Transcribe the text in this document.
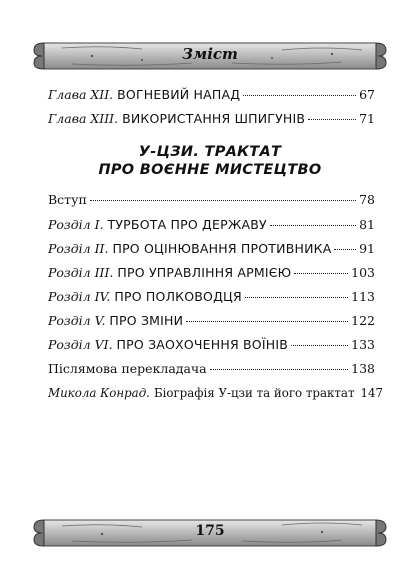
Зміст
Глава XII. ВОГНЕВИЙ НАПАД	67
Глава XIII. ВИКОРИСТАННЯ ШПИГУНІВ	71
У-ЦЗИ. ТРАКТАТ
ПРО ВОЄННЕ МИСТЕЦТВО
Вступ	78
Розділ I. ТУРБОТА ПРО ДЕРЖАВУ	81
Розділ II. ПРО ОЦІНЮВАННЯ ПРОТИВНИКА 91
Розділ III. ПРО УПРАВЛІННЯ АРМІЄЮ	103
Розділ IV. ПРО ПОЛКОВОДЦЯ	113
Розділ V. ПРО ЗМІНИ	122
Розділ VI. ПРО ЗАОХОЧЕННЯ ВОЇНІВ	133
Післямова перекладача	138
Микола Конрад. Біографія У-цзи та його трактат 147
175
